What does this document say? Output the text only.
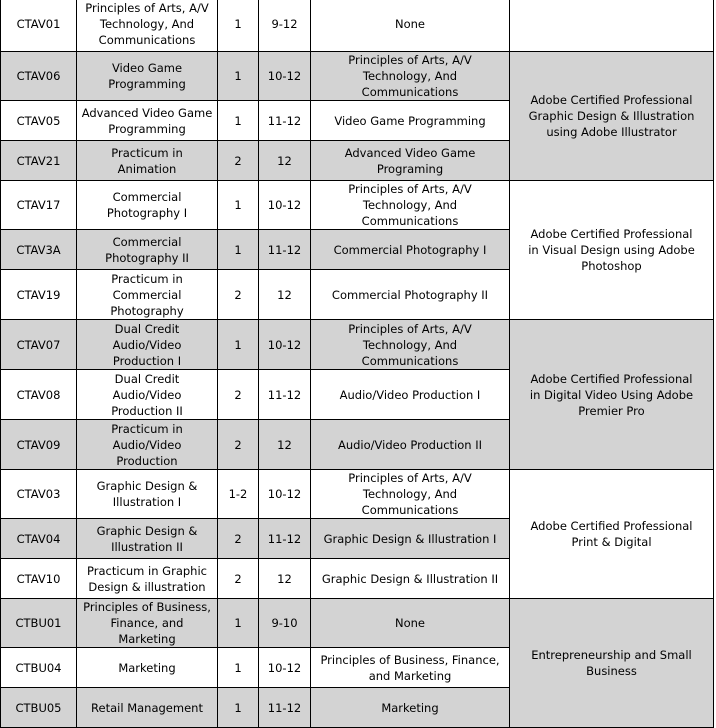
CTAV01	Principles of Arts, A/V Technology, And Communications	1	9-12	None	

CTAV06	Video Game Programming	1	10-12	Principles of Arts, A/V Technology, And Communications	Adobe Certified Professional Graphic Design & Illustration using Adobe Illustrator

CTAV05	Advanced Video Game Programming	1	11-12	Video Game Programming	
CTAV21	Practicum in Animation	2	12	Advanced Video Game Programing	
CTAV17	Commercial Photography I	1	10-12	Principles of Arts, A/V Technology, And Communications	Adobe Certified Professional in Visual Design using Adobe Photoshop

CTAV3A	Commercial Photography II	1	11-12	Commercial Photography I	
CTAV19	Practicum in Commercial Photography	2	12	Commercial Photography II	
CTAV07	Dual Credit Audio/Video Production I	1	10-12	Principles of Arts, A/V Technology, And Communications	Adobe Certified Professional in Digital Video Using Adobe Premier Pro

CTAV08	Dual Credit Audio/Video Production II	2	11-12	Audio/Video Production I	
CTAV09	Practicum in Audio/Video Production	2	12	Audio/Video Production II	
CTAV03	Graphic Design & Illustration I	1-2	10-12	Principles of Arts, A/V Technology, And Communications	Adobe Certified Professional Print & Digital

CTAV04	Graphic Design & Illustration II	2	11-12	Graphic Design & Illustration I	
CTAV10	Practicum in Graphic Design & illustration	2	12	Graphic Design & Illustration II	
CTBU01	Principles of Business, Finance, and Marketing	1	9-10	None	Entrepreneurship and Small Business

CTBU04	Marketing	1	10-12	Principles of Business, Finance, and Marketing	
CTBU05	Retail Management	1	11-12	Marketing	
